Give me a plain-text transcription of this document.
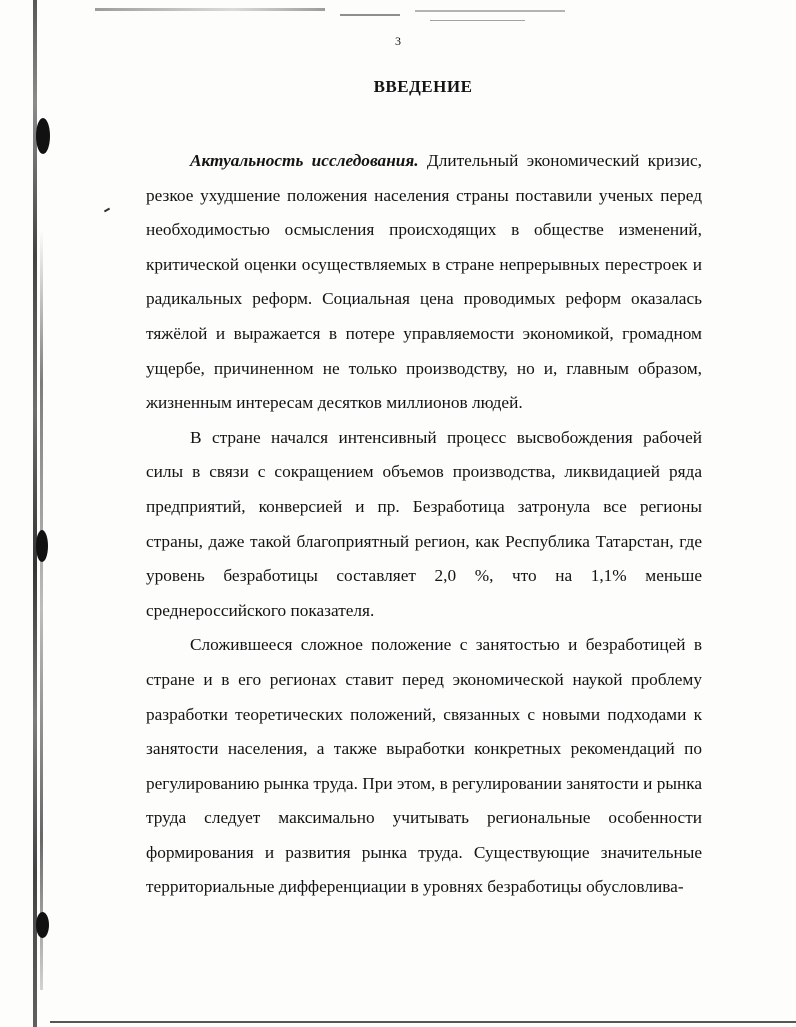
3
ВВЕДЕНИЕ

Актуальность исследования. Длительный экономический кризис, резкое ухудшение положения населения страны поставили ученых перед необходимостью осмысления происходящих в обществе изменений, критической оценки осуществляемых в стране непрерывных перестроек и радикальных реформ. Социальная цена проводимых реформ оказалась тяжёлой и выражается в потере управляемости экономикой, громадном ущербе, причиненном не только производству, но и, главным образом, жизненным интересам десятков миллионов людей.

В стране начался интенсивный процесс высвобождения рабочей силы в связи с сокращением объемов производства, ликвидацией ряда предприятий, конверсией и пр. Безработица затронула все регионы страны, даже такой благоприятный регион, как Республика Татарстан, где уровень безработицы составляет 2,0 %, что на 1,1% меньше среднероссийского показателя.

Сложившееся сложное положение с занятостью и безработицей в стране и в его регионах ставит перед экономической наукой проблему разработки теоретических положений, связанных с новыми подходами к занятости населения, а также выработки конкретных рекомендаций по регулированию рынка труда. При этом, в регулировании занятости и рынка труда следует максимально учитывать региональные особенности формирования и развития рынка труда. Существующие значительные территориальные дифференциации в уровнях безработицы обусловлива-
